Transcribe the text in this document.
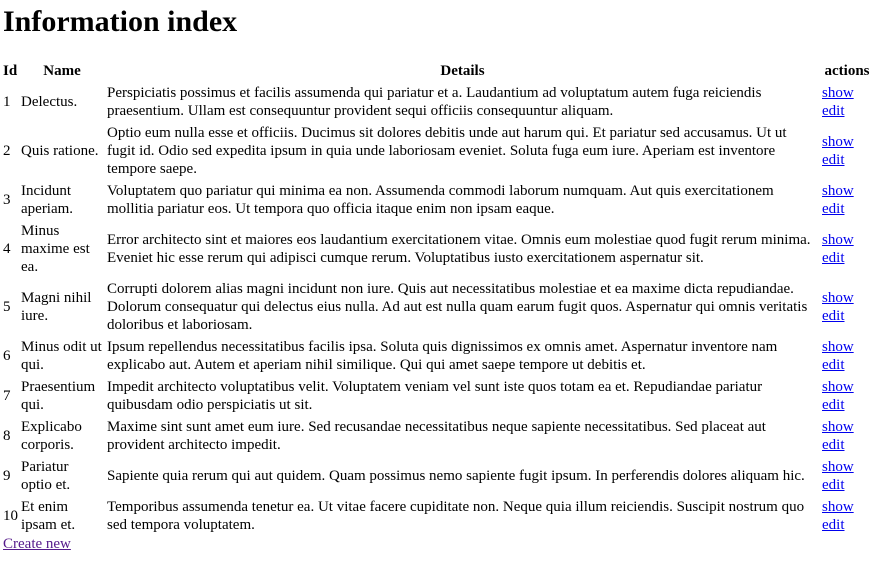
Information index
Id	Name	Details	actions
1	Delectus.	Perspiciatis possimus et facilis assumenda qui pariatur et a. Laudantium ad voluptatum autem fuga reiciendis praesentium. Ullam est consequuntur provident sequi officiis consequuntur aliquam.	show
edit
2	Quis ratione.	Optio eum nulla esse et officiis. Ducimus sit dolores debitis unde aut harum qui. Et pariatur sed accusamus. Ut ut fugit id. Odio sed expedita ipsum in quia unde laboriosam eveniet. Soluta fuga eum iure. Aperiam est inventore tempore saepe.	show
edit
3	Incidunt aperiam.	Voluptatem quo pariatur qui minima ea non. Assumenda commodi laborum numquam. Aut quis exercitationem mollitia pariatur eos. Ut tempora quo officia itaque enim non ipsam eaque.	show
edit
4	Minus maxime est ea.	Error architecto sint et maiores eos laudantium exercitationem vitae. Omnis eum molestiae quod fugit rerum minima. Eveniet hic esse rerum qui adipisci cumque rerum. Voluptatibus iusto exercitationem aspernatur sit.	show
edit
5	Magni nihil iure.	Corrupti dolorem alias magni incidunt non iure. Quis aut necessitatibus molestiae et ea maxime dicta repudiandae. Dolorum consequatur qui delectus eius nulla. Ad aut est nulla quam earum fugit quos. Aspernatur qui omnis veritatis doloribus et laboriosam.	show
edit
6	Minus odit ut qui.	Ipsum repellendus necessitatibus facilis ipsa. Soluta quis dignissimos ex omnis amet. Aspernatur inventore nam explicabo aut. Autem et aperiam nihil similique. Qui qui amet saepe tempore ut debitis et.	show
edit
7	Praesentium qui.	Impedit architecto voluptatibus velit. Voluptatem veniam vel sunt iste quos totam ea et. Repudiandae pariatur quibusdam odio perspiciatis ut sit.	show
edit
8	Explicabo corporis.	Maxime sint sunt amet eum iure. Sed recusandae necessitatibus neque sapiente necessitatibus. Sed placeat aut provident architecto impedit.	show
edit
9	Pariatur optio et.	Sapiente quia rerum qui aut quidem. Quam possimus nemo sapiente fugit ipsum. In perferendis dolores aliquam hic.	show
edit
10	Et enim ipsam et.	Temporibus assumenda tenetur ea. Ut vitae facere cupiditate non. Neque quia illum reiciendis. Suscipit nostrum quo sed tempora voluptatem.	show
edit
Create new
